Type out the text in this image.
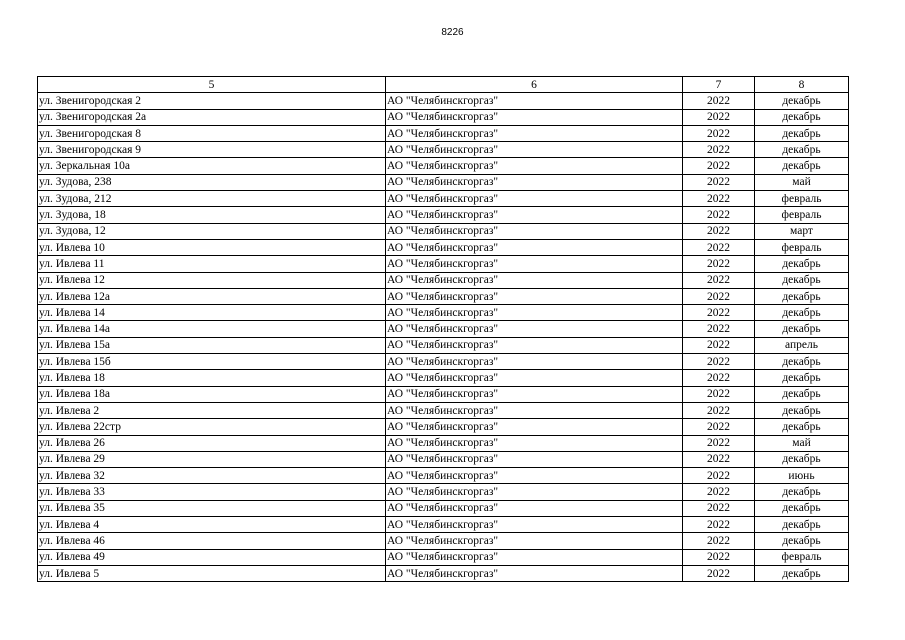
8226
5	6	7	8
ул. Звенигородская 2	АО "Челябинскгоргаз"	2022	декабрь
ул. Звенигородская 2а	АО "Челябинскгоргаз"	2022	декабрь
ул. Звенигородская 8	АО "Челябинскгоргаз"	2022	декабрь
ул. Звенигородская 9	АО "Челябинскгоргаз"	2022	декабрь
ул. Зеркальная 10а	АО "Челябинскгоргаз"	2022	декабрь
ул. Зудова, 238	АО "Челябинскгоргаз"	2022	май
ул. Зудова, 212	АО "Челябинскгоргаз"	2022	февраль
ул. Зудова, 18	АО "Челябинскгоргаз"	2022	февраль
ул. Зудова, 12	АО "Челябинскгоргаз"	2022	март
ул. Ивлева 10	АО "Челябинскгоргаз"	2022	февраль
ул. Ивлева 11	АО "Челябинскгоргаз"	2022	декабрь
ул. Ивлева 12	АО "Челябинскгоргаз"	2022	декабрь
ул. Ивлева 12а	АО "Челябинскгоргаз"	2022	декабрь
ул. Ивлева 14	АО "Челябинскгоргаз"	2022	декабрь
ул. Ивлева 14а	АО "Челябинскгоргаз"	2022	декабрь
ул. Ивлева 15а	АО "Челябинскгоргаз"	2022	апрель
ул. Ивлева 15б	АО "Челябинскгоргаз"	2022	декабрь
ул. Ивлева 18	АО "Челябинскгоргаз"	2022	декабрь
ул. Ивлева 18а	АО "Челябинскгоргаз"	2022	декабрь
ул. Ивлева 2	АО "Челябинскгоргаз"	2022	декабрь
ул. Ивлева 22стр	АО "Челябинскгоргаз"	2022	декабрь
ул. Ивлева 26	АО "Челябинскгоргаз"	2022	май
ул. Ивлева 29	АО "Челябинскгоргаз"	2022	декабрь
ул. Ивлева 32	АО "Челябинскгоргаз"	2022	июнь
ул. Ивлева 33	АО "Челябинскгоргаз"	2022	декабрь
ул. Ивлева 35	АО "Челябинскгоргаз"	2022	декабрь
ул. Ивлева 4	АО "Челябинскгоргаз"	2022	декабрь
ул. Ивлева 46	АО "Челябинскгоргаз"	2022	декабрь
ул. Ивлева 49	АО "Челябинскгоргаз"	2022	февраль
ул. Ивлева 5	АО "Челябинскгоргаз"	2022	декабрь
